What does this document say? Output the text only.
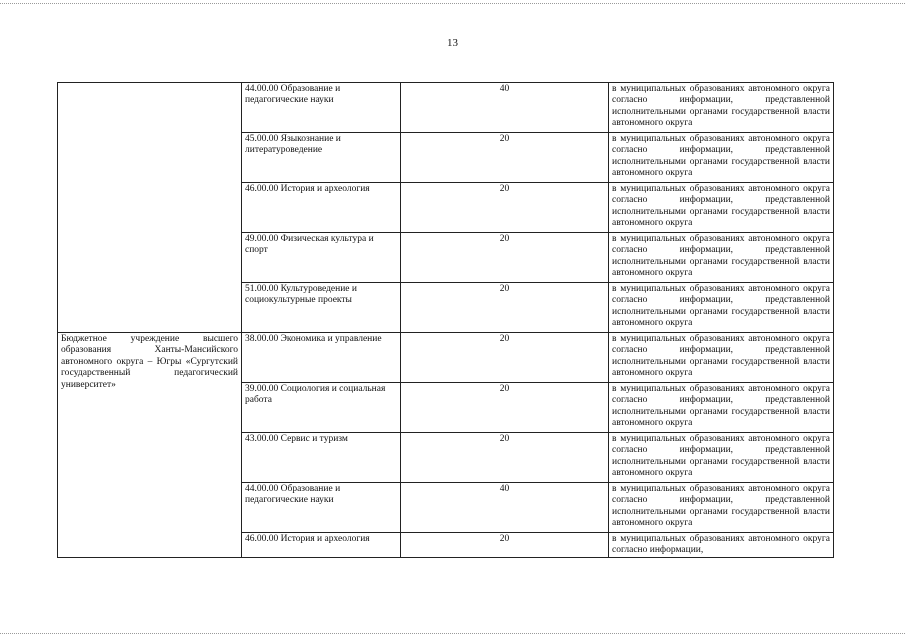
13
	44.00.00 Образование и педагогические науки	40	в муниципальных образованиях автономного округа согласно информации, представленной исполнительными органами государственной власти автономного округа
	45.00.00 Языкознание и литературоведение	20	в муниципальных образованиях автономного округа согласно информации, представленной исполнительными органами государственной власти автономного округа
	46.00.00 История и археология	20	в муниципальных образованиях автономного округа согласно информации, представленной исполнительными органами государственной власти автономного округа
	49.00.00 Физическая культура и спорт	20	в муниципальных образованиях автономного округа согласно информации, представленной исполнительными органами государственной власти автономного округа
	51.00.00 Культуроведение и социокультурные проекты	20	в муниципальных образованиях автономного округа согласно информации, представленной исполнительными органами государственной власти автономного округа
Бюджетное учреждение высшего образования Ханты-Мансийского автономного округа – Югры «Сургутский государственный педагогический университет»	38.00.00 Экономика и управление	20	в муниципальных образованиях автономного округа согласно информации, представленной исполнительными органами государственной власти автономного округа
	39.00.00 Социология и социальная работа	20	в муниципальных образованиях автономного округа согласно информации, представленной исполнительными органами государственной власти автономного округа
	43.00.00 Сервис и туризм	20	в муниципальных образованиях автономного округа согласно информации, представленной исполнительными органами государственной власти автономного округа
	44.00.00 Образование и педагогические науки	40	в муниципальных образованиях автономного округа согласно информации, представленной исполнительными органами государственной власти автономного округа
	46.00.00 История и археология	20	в муниципальных образованиях автономного округа согласно информации,
